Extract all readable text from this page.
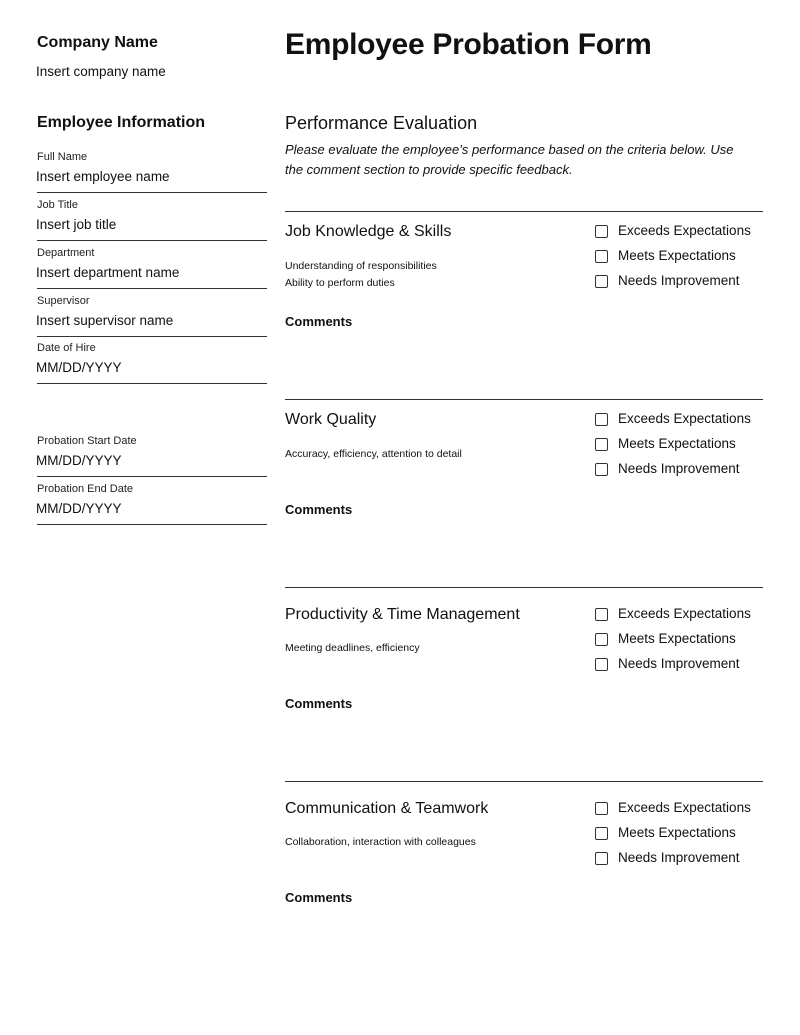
Company Name
Insert company name
Employee Information
Full Name
Insert employee name
Job Title
Insert job title
Department
Insert department name
Supervisor
Insert supervisor name
Date of Hire
MM/DD/YYYY
Probation Start Date
MM/DD/YYYY
Probation End Date
MM/DD/YYYY
Employee Probation Form
Performance Evaluation
Please evaluate the employee’s performance based on the criteria below. Use the comment section to provide specific feedback.
Job Knowledge & Skills
Understanding of responsibilities
Ability to perform duties
Comments
Exceeds Expectations
Meets Expectations
Needs Improvement
Work Quality
Accuracy, efficiency, attention to detail
Comments
Exceeds Expectations
Meets Expectations
Needs Improvement
Productivity & Time Management
Meeting deadlines, efficiency
Comments
Exceeds Expectations
Meets Expectations
Needs Improvement
Communication & Teamwork
Collaboration, interaction with colleagues
Comments
Exceeds Expectations
Meets Expectations
Needs Improvement
